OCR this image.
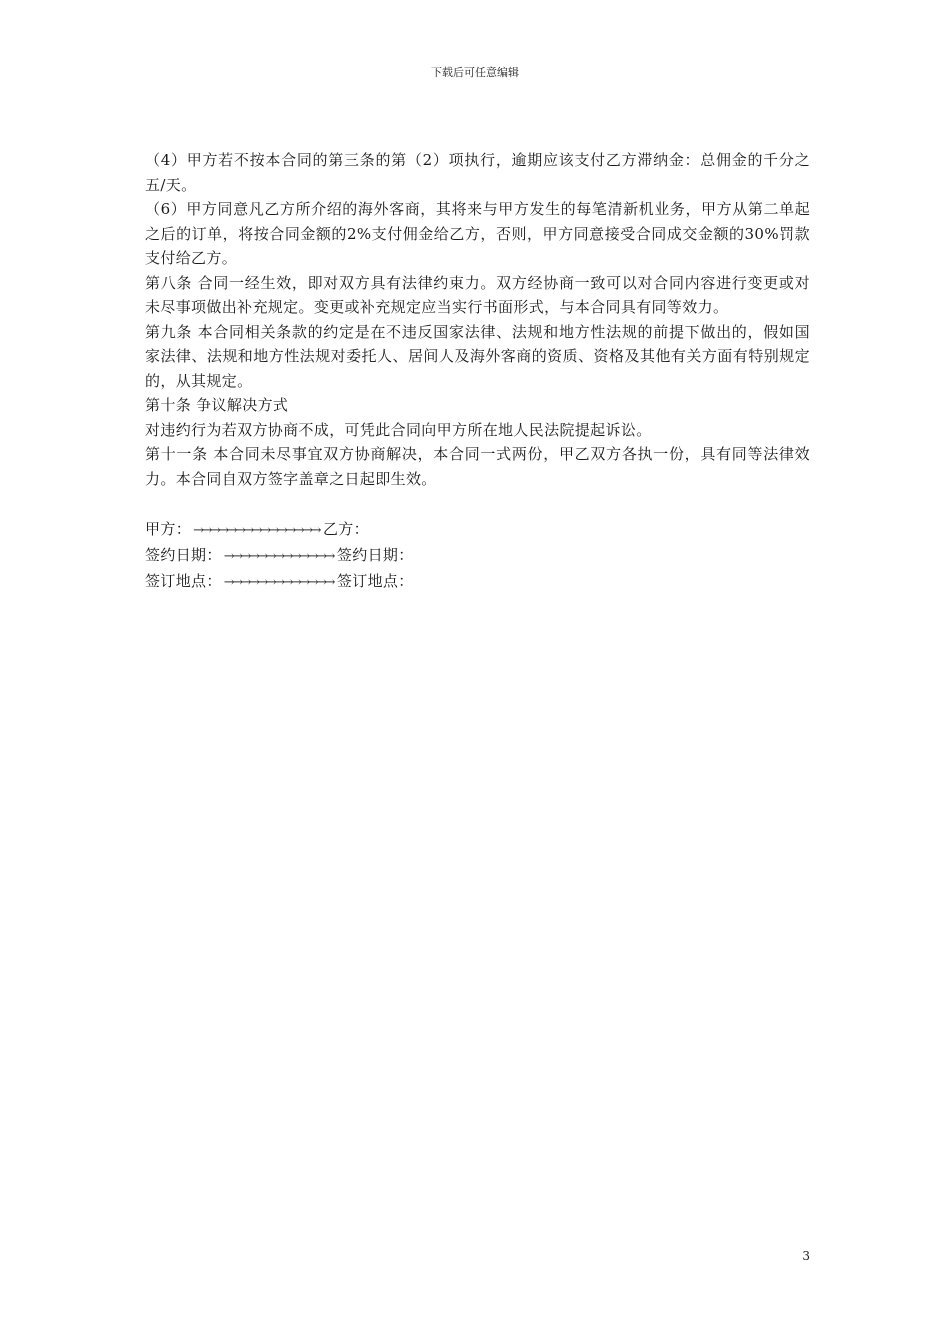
下载后可任意编辑

（4）甲方若不按本合同的第三条的第（2）项执行，逾期应该支付乙方滞纳金：总佣金的千分之五/天。

（6）甲方同意凡乙方所介绍的海外客商，其将来与甲方发生的每笔清新机业务，甲方从第二单起之后的订单，将按合同金额的2%支付佣金给乙方，否则，甲方同意接受合同成交金额的30%罚款支付给乙方。

第八条 合同一经生效，即对双方具有法律约束力。双方经协商一致可以对合同内容进行变更或对未尽事项做出补充规定。变更或补充规定应当实行书面形式，与本合同具有同等效力。

第九条 本合同相关条款的约定是在不违反国家法律、法规和地方性法规的前提下做出的，假如国家法律、法规和地方性法规对委托人、居间人及海外客商的资质、资格及其他有关方面有特别规定的，从其规定。

第十条 争议解决方式

对违约行为若双方协商不成，可凭此合同向甲方所在地人民法院提起诉讼。

第十一条 本合同未尽事宜双方协商解决，本合同一式两份，甲乙双方各执一份，具有同等法律效力。本合同自双方签字盖章之日起即生效。

甲方： →→→→→→→→→→→→→→→ 乙方：

签约日期： →→→→→→→→→→→→→ 签约日期：

签订地点： →→→→→→→→→→→→→ 签订地点：

3
